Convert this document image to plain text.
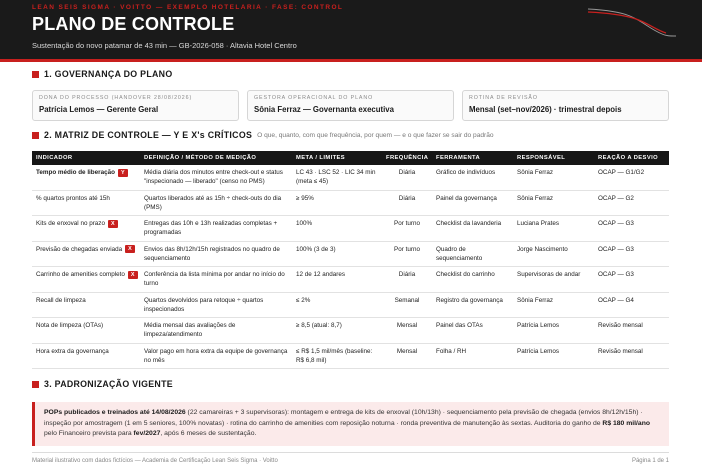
LEAN SEIS SIGMA · VOITTO — EXEMPLO HOTELARIA · FASE: CONTROL
PLANO DE CONTROLE
Sustentação do novo patamar de 43 min — GB-2026-058 · Altavia Hotel Centro
1. GOVERNANÇA DO PLANO
DONA DO PROCESSO (HANDOVER 28/08/2026)
Patrícia Lemos — Gerente Geral
GESTORA OPERACIONAL DO PLANO
Sônia Ferraz — Governanta executiva
ROTINA DE REVISÃO
Mensal (set–nov/2026) · trimestral depois
2. MATRIZ DE CONTROLE — Y E X's CRÍTICOS O que, quanto, com que frequência, por quem — e o que fazer se sair do padrão
INDICADOR	DEFINIÇÃO / MÉTODO DE MEDIÇÃO	META / LIMITES	FREQUÊNCIA	FERRAMENTA	RESPONSÁVEL	REAÇÃO A DESVIO
Tempo médio de liberação Y	Média diária dos minutos entre check-out e status "inspecionado — liberado" (censo no PMS)	LC 43 · LSC 52 · LIC 34 min (meta ≤ 45)	Diária	Gráfico de indivíduos	Sônia Ferraz	OCAP — G1/G2
% quartos prontos até 15h	Quartos liberados até as 15h ÷ check-outs do dia (PMS)	≥ 95%	Diária	Painel da governança	Sônia Ferraz	OCAP — G2
Kits de enxoval no prazo X	Entregas das 10h e 13h realizadas completas + programadas	100%	Por turno	Checklist da lavanderia	Luciana Prates	OCAP — G3
Previsão de chegadas enviada X	Envios das 8h/12h/15h registrados no quadro de sequenciamento	100% (3 de 3)	Por turno	Quadro de sequenciamento	Jorge Nascimento	OCAP — G3
Carrinho de amenities completo X	Conferência da lista mínima por andar no início do turno	12 de 12 andares	Diária	Checklist do carrinho	Supervisoras de andar	OCAP — G3
Recall de limpeza	Quartos devolvidos para retoque ÷ quartos inspecionados	≤ 2%	Semanal	Registro da governança	Sônia Ferraz	OCAP — G4
Nota de limpeza (OTAs)	Média mensal das avaliações de limpeza/atendimento	≥ 8,5 (atual: 8,7)	Mensal	Painel das OTAs	Patrícia Lemos	Revisão mensal
Hora extra da governança	Valor pago em hora extra da equipe de governança no mês	≤ R$ 1,5 mil/mês (baseline: R$ 6,8 mil)	Mensal	Folha / RH	Patrícia Lemos	Revisão mensal
3. PADRONIZAÇÃO VIGENTE
POPs publicados e treinados até 14/08/2026 (22 camareiras + 3 supervisoras): montagem e entrega de kits de enxoval (10h/13h) · sequenciamento pela previsão de chegada (envios 8h/12h/15h) · inspeção por amostragem (1 em 5 seniores, 100% novatas) · rotina do carrinho de amenities com reposição noturna · ronda preventiva de manutenção às sextas. Auditoria do ganho de R$ 180 mil/ano pelo Financeiro prevista para fev/2027, após 6 meses de sustentação.
Material ilustrativo com dados fictícios — Academia de Certificação Lean Seis Sigma · Voitto	Página 1 de 1
